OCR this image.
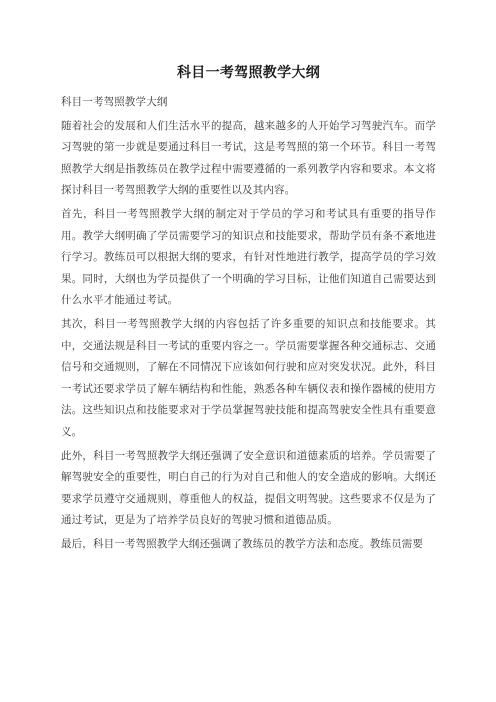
科目一考驾照教学大纲

科目一考驾照教学大纲

随着社会的发展和人们生活水平的提高，越来越多的人开始学习驾驶汽车。而学习驾驶的第一步就是要通过科目一考试，这是考驾照的第一个环节。科目一考驾照教学大纲是指教练员在教学过程中需要遵循的一系列教学内容和要求。本文将探讨科目一考驾照教学大纲的重要性以及其内容。

首先，科目一考驾照教学大纲的制定对于学员的学习和考试具有重要的指导作用。教学大纲明确了学员需要学习的知识点和技能要求，帮助学员有条不紊地进行学习。教练员可以根据大纲的要求，有针对性地进行教学，提高学员的学习效果。同时，大纲也为学员提供了一个明确的学习目标，让他们知道自己需要达到什么水平才能通过考试。

其次，科目一考驾照教学大纲的内容包括了许多重要的知识点和技能要求。其中，交通法规是科目一考试的重要内容之一。学员需要掌握各种交通标志、交通信号和交通规则，了解在不同情况下应该如何行驶和应对突发状况。此外，科目一考试还要求学员了解车辆结构和性能，熟悉各种车辆仪表和操作器械的使用方法。这些知识点和技能要求对于学员掌握驾驶技能和提高驾驶安全性具有重要意义。

此外，科目一考驾照教学大纲还强调了安全意识和道德素质的培养。学员需要了解驾驶安全的重要性，明白自己的行为对自己和他人的安全造成的影响。大纲还要求学员遵守交通规则，尊重他人的权益，提倡文明驾驶。这些要求不仅是为了通过考试，更是为了培养学员良好的驾驶习惯和道德品质。

最后，科目一考驾照教学大纲还强调了教练员的教学方法和态度。教练员需要
